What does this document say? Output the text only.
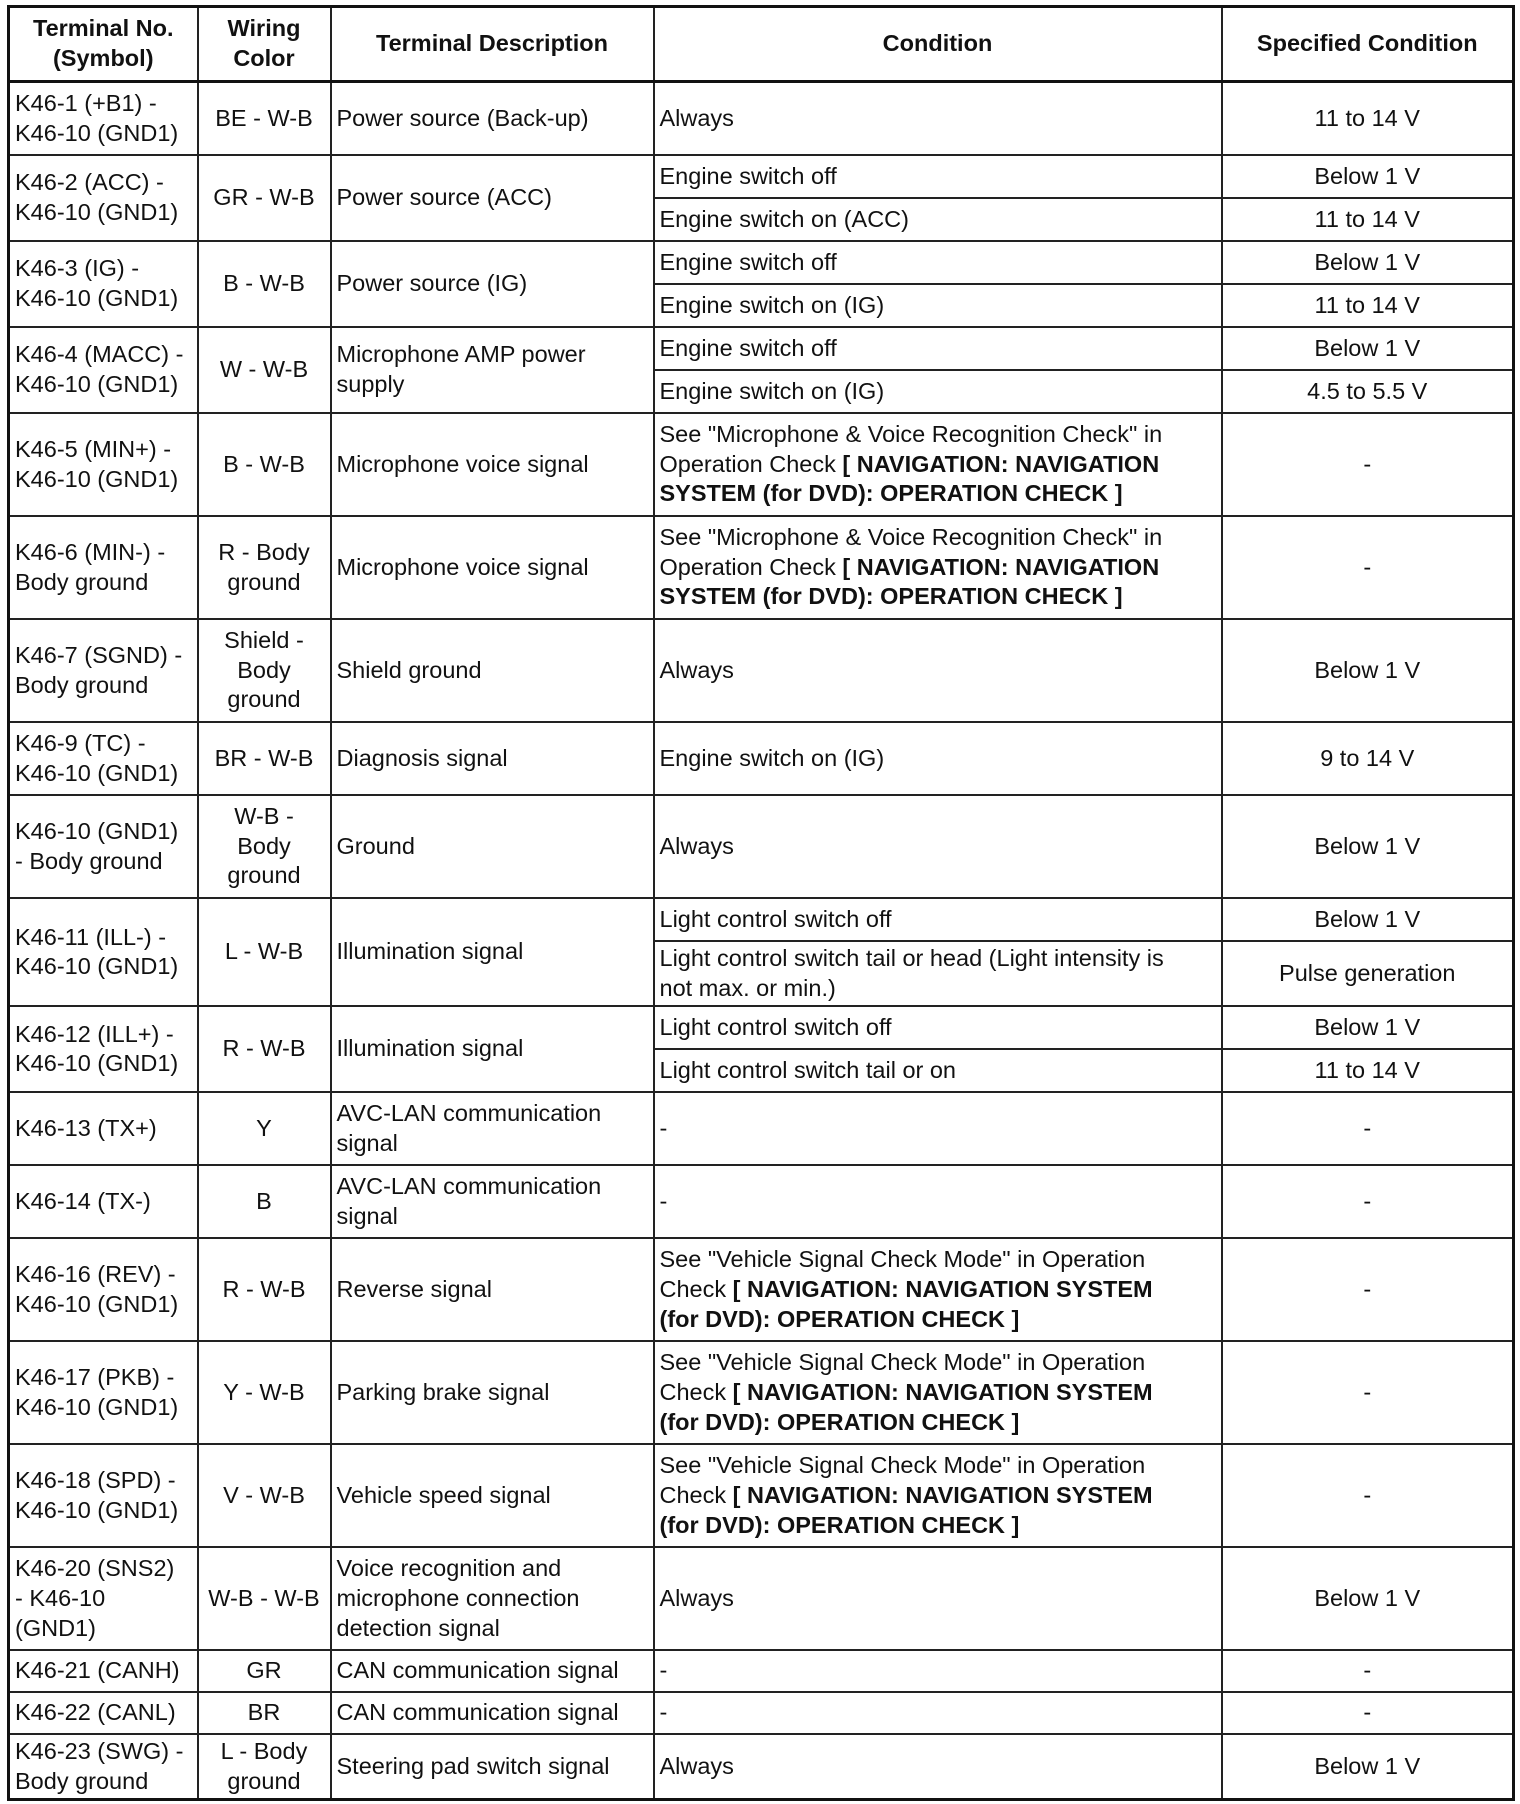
Terminal No.
(Symbol)	Wiring
Color	Terminal Description	Condition	Specified Condition
K46-1 (+B1) -
K46-10 (GND1)	BE - W-B	Power source (Back-up)	Always	11 to 14 V
K46-2 (ACC) -
K46-10 (GND1)	GR - W-B	Power source (ACC)	Engine switch off	Below 1 V
			Engine switch on (ACC)	11 to 14 V
K46-3 (IG) -
K46-10 (GND1)	B - W-B	Power source (IG)	Engine switch off	Below 1 V
			Engine switch on (IG)	11 to 14 V
K46-4 (MACC) -
K46-10 (GND1)	W - W-B	Microphone AMP power
supply	Engine switch off	Below 1 V
			Engine switch on (IG)	4.5 to 5.5 V
K46-5 (MIN+) -
K46-10 (GND1)	B - W-B	Microphone voice signal	See "Microphone & Voice Recognition Check" in
Operation Check [ NAVIGATION: NAVIGATION
SYSTEM (for DVD): OPERATION CHECK ]	-
K46-6 (MIN-) -
Body ground	R - Body
ground	Microphone voice signal	See "Microphone & Voice Recognition Check" in
Operation Check [ NAVIGATION: NAVIGATION
SYSTEM (for DVD): OPERATION CHECK ]	-
K46-7 (SGND) -
Body ground	Shield -
Body
ground	Shield ground	Always	Below 1 V
K46-9 (TC) -
K46-10 (GND1)	BR - W-B	Diagnosis signal	Engine switch on (IG)	9 to 14 V
K46-10 (GND1)
- Body ground	W-B -
Body
ground	Ground	Always	Below 1 V
K46-11 (ILL-) -
K46-10 (GND1)	L - W-B	Illumination signal	Light control switch off	Below 1 V
			Light control switch tail or head (Light intensity is
not max. or min.)	Pulse generation
K46-12 (ILL+) -
K46-10 (GND1)	R - W-B	Illumination signal	Light control switch off	Below 1 V
			Light control switch tail or on	11 to 14 V
K46-13 (TX+)	Y	AVC-LAN communication
signal	-	-
K46-14 (TX-)	B	AVC-LAN communication
signal	-	-
K46-16 (REV) -
K46-10 (GND1)	R - W-B	Reverse signal	See "Vehicle Signal Check Mode" in Operation
Check [ NAVIGATION: NAVIGATION SYSTEM
(for DVD): OPERATION CHECK ]	-
K46-17 (PKB) -
K46-10 (GND1)	Y - W-B	Parking brake signal	See "Vehicle Signal Check Mode" in Operation
Check [ NAVIGATION: NAVIGATION SYSTEM
(for DVD): OPERATION CHECK ]	-
K46-18 (SPD) -
K46-10 (GND1)	V - W-B	Vehicle speed signal	See "Vehicle Signal Check Mode" in Operation
Check [ NAVIGATION: NAVIGATION SYSTEM
(for DVD): OPERATION CHECK ]	-
K46-20 (SNS2)
- K46-10
(GND1)	W-B - W-B	Voice recognition and
microphone connection
detection signal	Always	Below 1 V
K46-21 (CANH)	GR	CAN communication signal	-	-
K46-22 (CANL)	BR	CAN communication signal	-	-
K46-23 (SWG) -
Body ground	L - Body
ground	Steering pad switch signal	Always	Below 1 V
